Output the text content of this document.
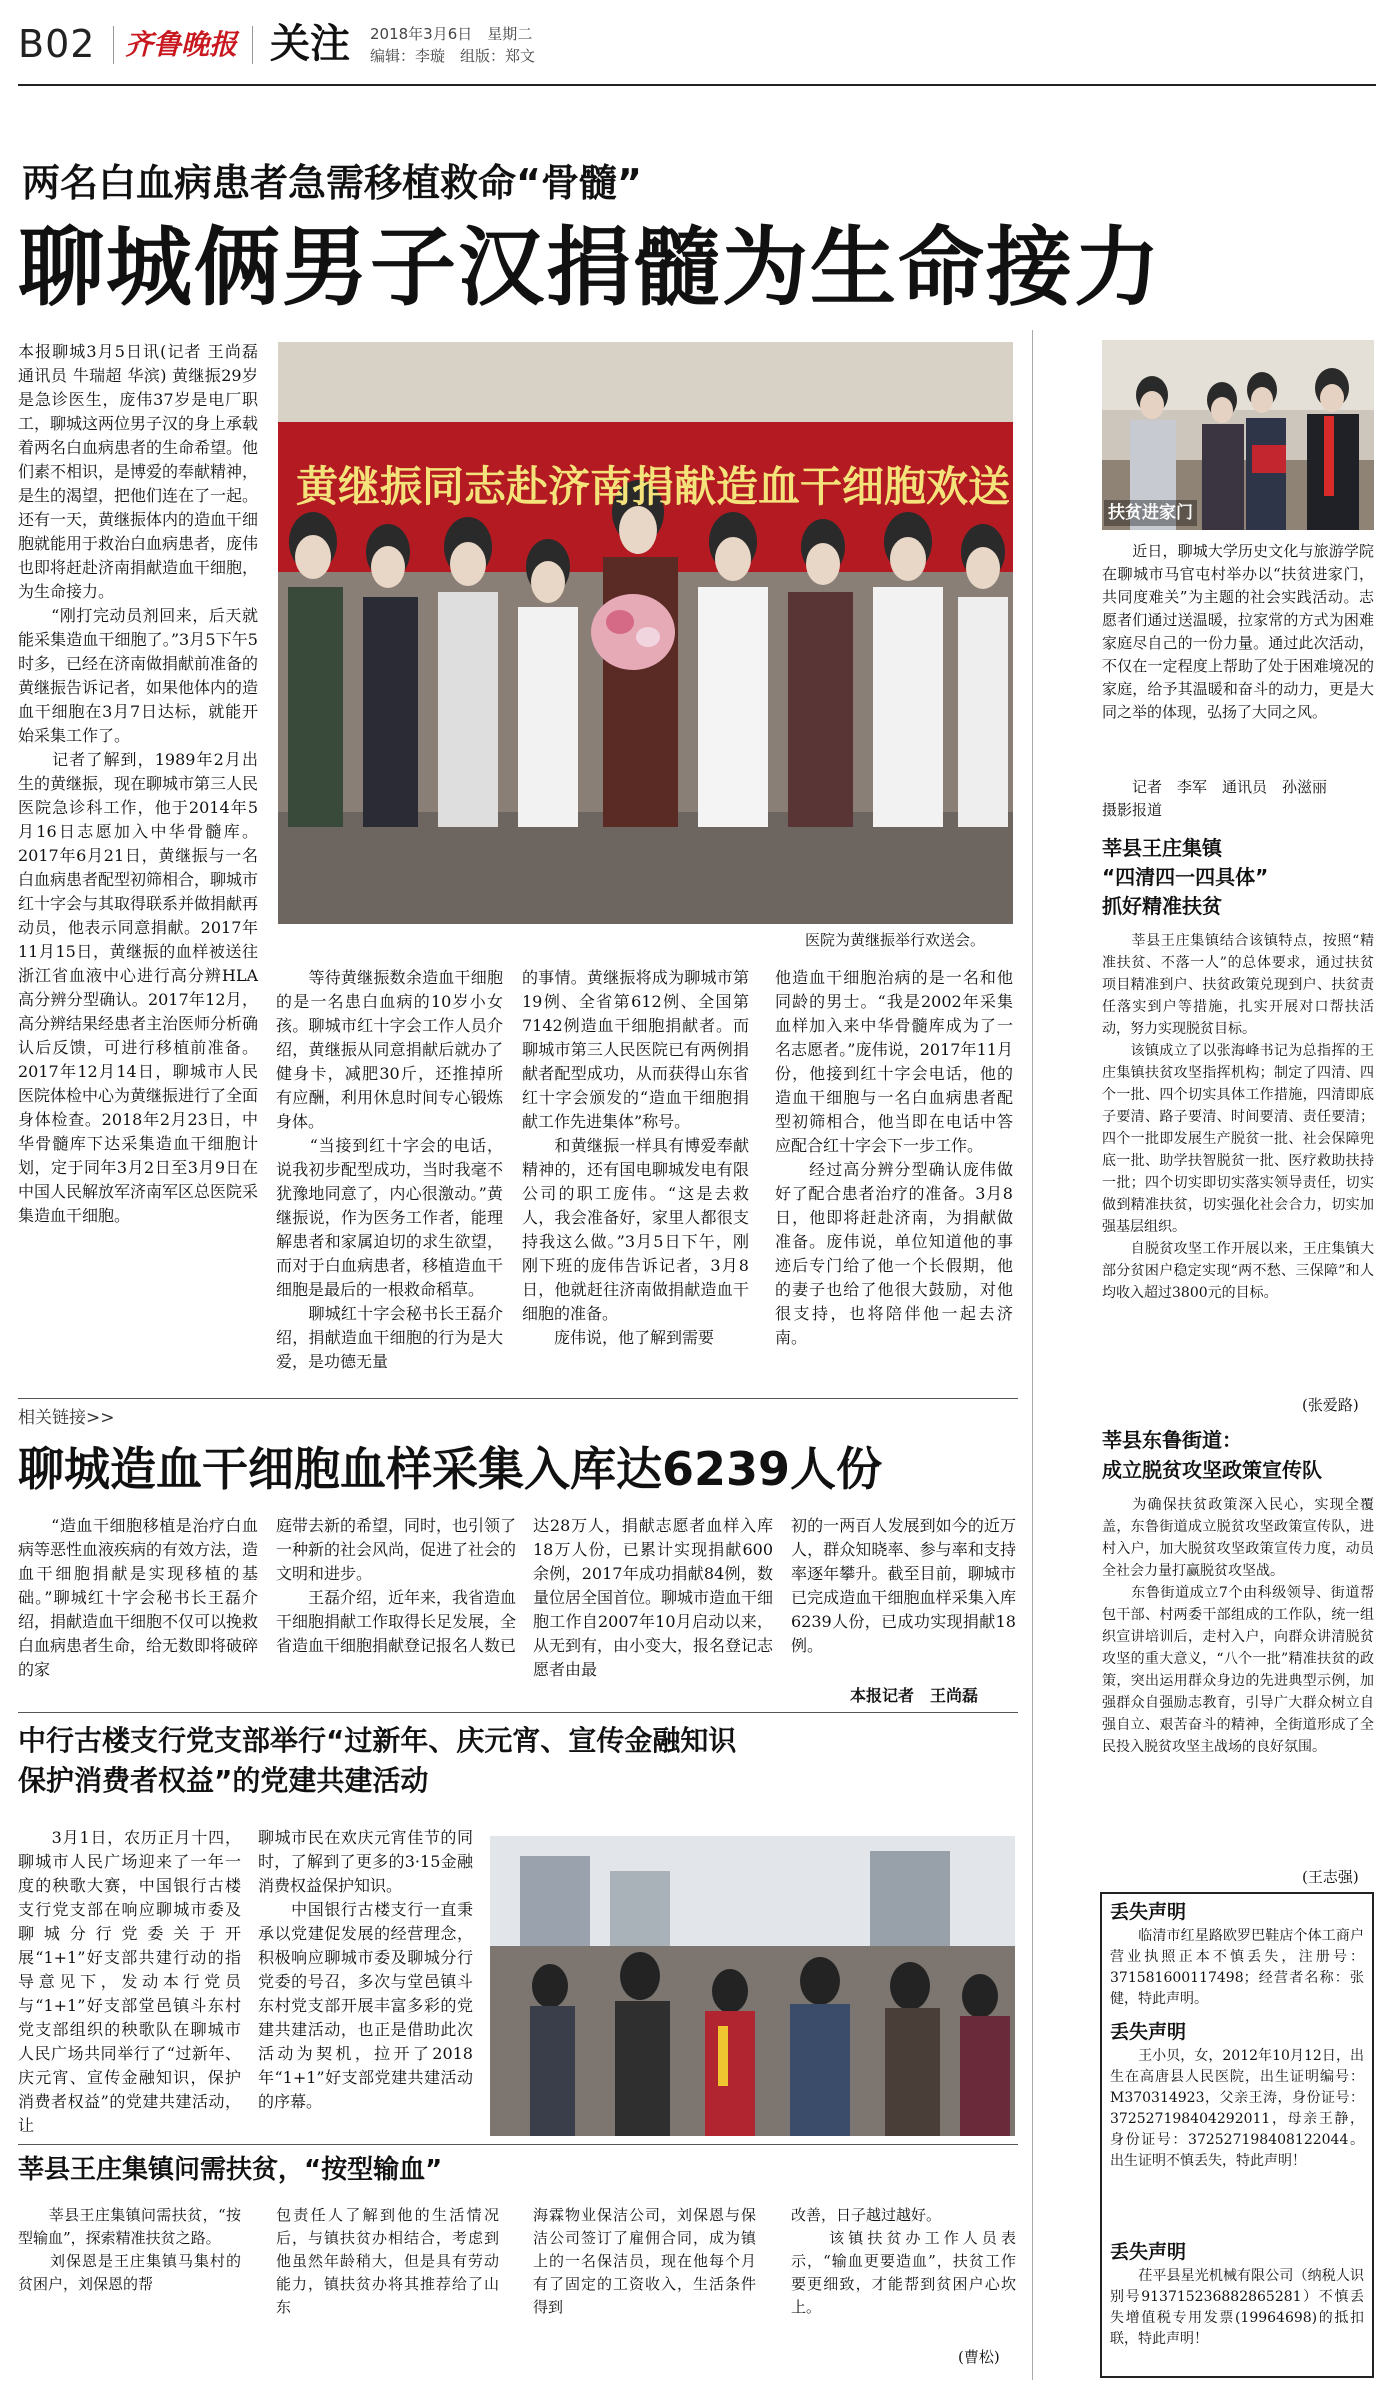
B02 齐鲁晚报 关注 2018年3月6日　 星期二
编辑：李璇　 组版：郑文
两名白血病患者急需移植救命“骨髓”
聊城俩男子汉捐髓为生命接力
本报聊城3月5日讯(记者 王尚磊 通讯员 牛瑞超 华滨) 黄继振29岁是急诊医生，庞伟37岁是电厂职工，聊城这两位男子汉的身上承载着两名白血病患者的生命希望。他们素不相识，是博爱的奉献精神，是生的渴望，把他们连在了一起。还有一天，黄继振体内的造血干细胞就能用于救治白血病患者，庞伟也即将赶赴济南捐献造血干细胞，为生命接力。
　　“刚打完动员剂回来，后天就能采集造血干细胞了。”3月5下午5时多，已经在济南做捐献前准备的黄继振告诉记者，如果他体内的造血干细胞在3月7日达标，就能开始采集工作了。
　　记者了解到，1989年2月出生的黄继振，现在聊城市第三人民医院急诊科工作，他于2014年5月16日志愿加入中华骨髓库。2017年6月21日，黄继振与一名白血病患者配型初筛相合，聊城市红十字会与其取得联系并做捐献再动员，他表示同意捐献。2017年11月15日，黄继振的血样被送往浙江省血液中心进行高分辨HLA高分辨分型确认。2017年12月，高分辨结果经患者主治医师分析确认后反馈，可进行移植前准备。2017年12月14日，聊城市人民医院体检中心为黄继振进行了全面身体检查。2018年2月23日，中华骨髓库下达采集造血干细胞计划，定于同年3月2日至3月9日在中国人民解放军济南军区总医院采集造血干细胞。
黄继振同志赴济南捐献造血干细胞欢送
医院为黄继振举行欢送会。
　　等待黄继振数余造血干细胞的是一名患白血病的10岁小女孩。聊城市红十字会工作人员介绍，黄继振从同意捐献后就办了健身卡，减肥30斤，还推掉所有应酬，利用休息时间专心锻炼身体。
　　“当接到红十字会的电话，说我初步配型成功，当时我毫不犹豫地同意了，内心很激动。”黄继振说，作为医务工作者，能理解患者和家属迫切的求生欲望，而对于白血病患者，移植造血干细胞是最后的一根救命稻草。
　　聊城红十字会秘书长王磊介绍，捐献造血干细胞的行为是大爱，是功德无量
的事情。黄继振将成为聊城市第19例、全省第612例、全国第7142例造血干细胞捐献者。而聊城市第三人民医院已有两例捐献者配型成功，从而获得山东省红十字会颁发的“造血干细胞捐献工作先进集体”称号。
　　和黄继振一样具有博爱奉献精神的，还有国电聊城发电有限公司的职工庞伟。“这是去救人，我会准备好，家里人都很支持我这么做。”3月5日下午，刚刚下班的庞伟告诉记者，3月8日，他就赶往济南做捐献造血干细胞的准备。
　　庞伟说，他了解到需要
他造血干细胞治病的是一名和他同龄的男士。“我是2002年采集血样加入来中华骨髓库成为了一名志愿者。”庞伟说，2017年11月份，他接到红十字会电话，他的造血干细胞与一名白血病患者配型初筛相合，他当即在电话中答应配合红十字会下一步工作。
　　经过高分辨分型确认庞伟做好了配合患者治疗的准备。3月8日，他即将赶赴济南，为捐献做准备。庞伟说，单位知道他的事迹后专门给了他一个长假期，他的妻子也给了他很大鼓励，对他很支持，也将陪伴他一起去济南。
相关链接>>
聊城造血干细胞血样采集入库达6239人份
　　“造血干细胞移植是治疗白血病等恶性血液疾病的有效方法，造血干细胞捐献是实现移植的基础。”聊城红十字会秘书长王磊介绍，捐献造血干细胞不仅可以挽救白血病患者生命，给无数即将破碎的家
庭带去新的希望，同时，也引领了一种新的社会风尚，促进了社会的文明和进步。
　　王磊介绍，近年来，我省造血干细胞捐献工作取得长足发展，全省造血干细胞捐献登记报名人数已
达28万人，捐献志愿者血样入库18万人份，已累计实现捐献600余例，2017年成功捐献84例，数量位居全国首位。聊城市造血干细胞工作自2007年10月启动以来，从无到有，由小变大，报名登记志愿者由最
初的一两百人发展到如今的近万人，群众知晓率、参与率和支持率逐年攀升。截至目前，聊城市已完成造血干细胞血样采集入库6239人份，已成功实现捐献18例。
本报记者　王尚磊
中行古楼支行党支部举行“过新年、庆元宵、宣传金融知识
保护消费者权益”的党建共建活动
　　3月1日，农历正月十四，聊城市人民广场迎来了一年一度的秧歌大赛，中国银行古楼支行党支部在响应聊城市委及聊城分行党委关于开展“1+1”好支部共建行动的指导意见下，发动本行党员与“1+1”好支部堂邑镇斗东村党支部组织的秧歌队在聊城市人民广场共同举行了“过新年、庆元宵、宣传金融知识，保护消费者权益”的党建共建活动，让
聊城市民在欢庆元宵佳节的同时，了解到了更多的3·15金融消费权益保护知识。
　　中国银行古楼支行一直秉承以党建促发展的经营理念，积极响应聊城市委及聊城分行党委的号召，多次与堂邑镇斗东村党支部开展丰富多彩的党建共建活动，也正是借助此次活动为契机，拉开了2018年“1+1”好支部党建共建活动的序幕。
莘县王庄集镇问需扶贫，“按型输血”
　　莘县王庄集镇问需扶贫，“按型输血”，探索精准扶贫之路。
　　刘保恩是王庄集镇马集村的贫困户，刘保恩的帮
包责任人了解到他的生活情况后，与镇扶贫办相结合，考虑到他虽然年龄稍大，但是具有劳动能力，镇扶贫办将其推荐给了山东
海霖物业保洁公司，刘保恩与保洁公司签订了雇佣合同，成为镇上的一名保洁员，现在他每个月有了固定的工资收入，生活条件得到
改善，日子越过越好。
　　该镇扶贫办工作人员表示，“输血更要造血”，扶贫工作要更细致，才能帮到贫困户心坎上。
(曹松)
扶贫进家门
　　近日，聊城大学历史文化与旅游学院在聊城市马官屯村举办以“扶贫进家门，共同度难关”为主题的社会实践活动。志愿者们通过送温暖，拉家常的方式为困难家庭尽自己的一份力量。通过此次活动，不仅在一定程度上帮助了处于困难境况的家庭，给予其温暖和奋斗的动力，更是大同之举的体现，弘扬了大同之风。
　　记者　李军　通讯员　孙滋丽
摄影报道
莘县王庄集镇
“四清四一四具体”
抓好精准扶贫
　　莘县王庄集镇结合该镇特点，按照“精准扶贫、不落一人”的总体要求，通过扶贫项目精准到户、扶贫政策兑现到户、扶贫责任落实到户等措施，扎实开展对口帮扶活动，努力实现脱贫目标。
　　该镇成立了以张海峰书记为总指挥的王庄集镇扶贫攻坚指挥机构；制定了四清、四个一批、四个切实具体工作措施，四清即底子要清、路子要清、时间要清、责任要清；四个一批即发展生产脱贫一批、社会保障兜底一批、助学扶智脱贫一批、医疗救助扶持一批；四个切实即切实落实领导责任，切实做到精准扶贫，切实强化社会合力，切实加强基层组织。
　　自脱贫攻坚工作开展以来，王庄集镇大部分贫困户稳定实现“两不愁、三保障”和人均收入超过3800元的目标。
(张爱路)
莘县东鲁街道：
成立脱贫攻坚政策宣传队
　　为确保扶贫政策深入民心，实现全覆盖，东鲁街道成立脱贫攻坚政策宣传队，进村入户，加大脱贫攻坚政策宣传力度，动员全社会力量打赢脱贫攻坚战。
　　东鲁街道成立7个由科级领导、街道帮包干部、村两委干部组成的工作队，统一组织宣讲培训后，走村入户，向群众讲清脱贫攻坚的重大意义，“八个一批”精准扶贫的政策，突出运用群众身边的先进典型示例，加强群众自强励志教育，引导广大群众树立自强自立、艰苦奋斗的精神，全街道形成了全民投入脱贫攻坚主战场的良好氛围。
(王志强)
丢失声明
　　临清市红星路欧罗巴鞋店个体工商户营业执照正本不慎丢失，注册号：371581600117498；经营者名称：张健，特此声明。
丢失声明
　　王小贝，女，2012年10月12日，出生在高唐县人民医院，出生证明编号：M370314923，父亲王涛，身份证号：372527198404292011，母亲王静，身份证号：372527198408122044。出生证明不慎丢失，特此声明！
丢失声明
　　茌平县星光机械有限公司（纳税人识别号913715236882865281）不慎丢失增值税专用发票(19964698)的抵扣联，特此声明！
